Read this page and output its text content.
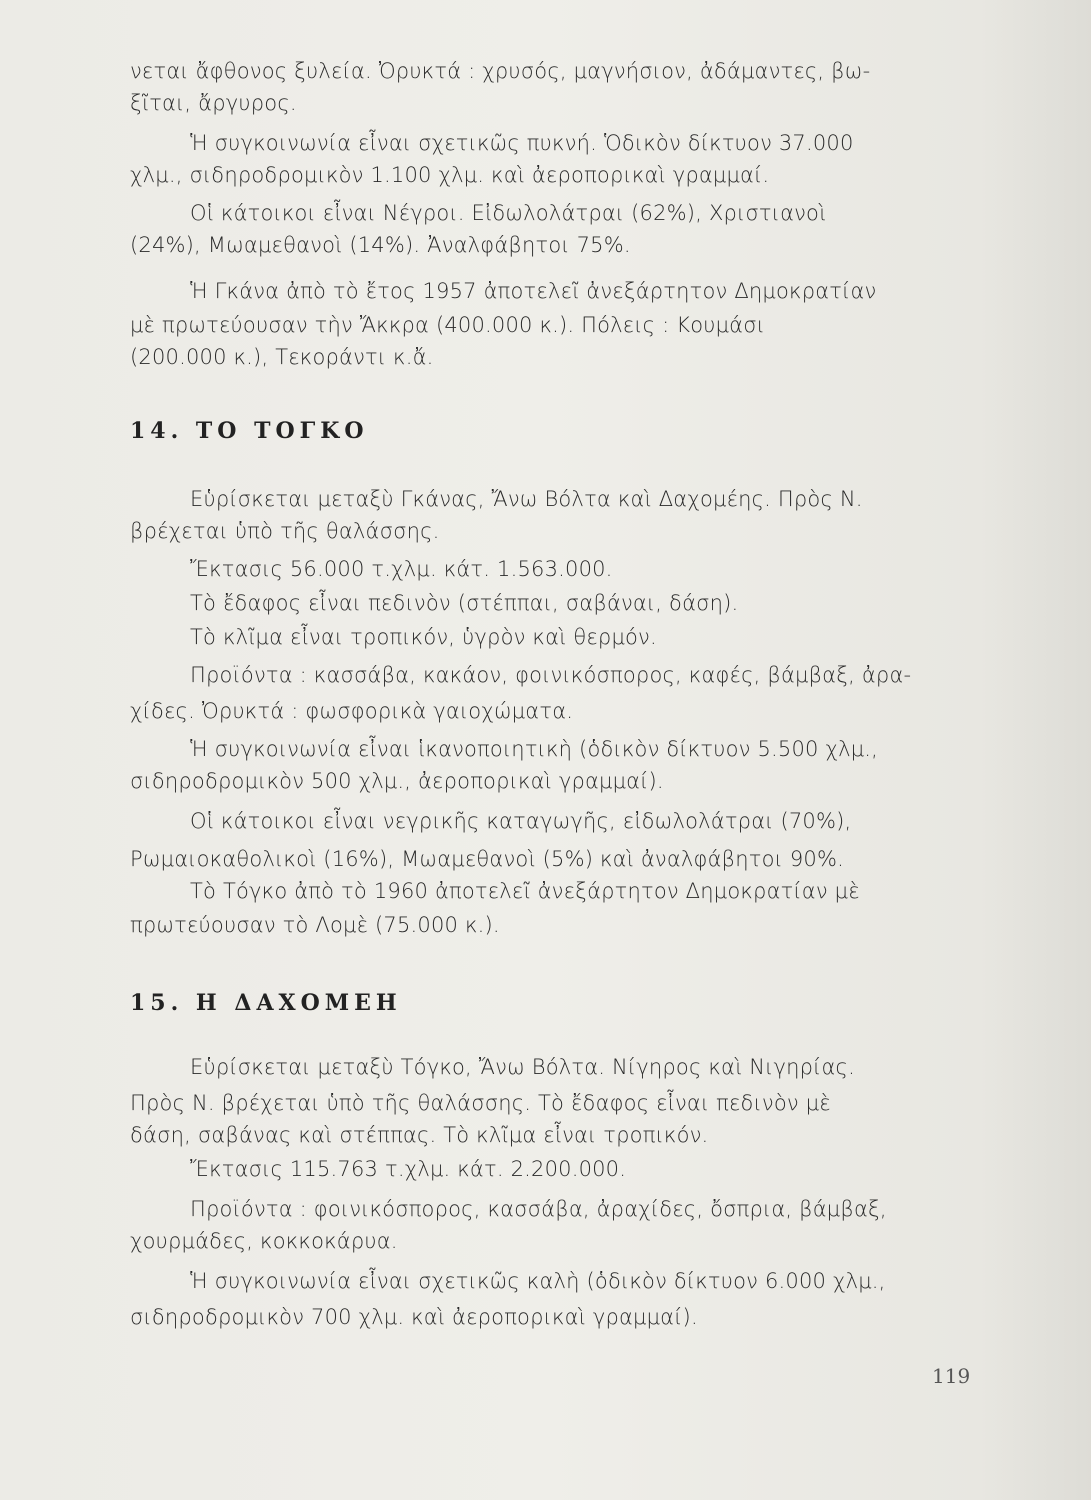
νεται ἄφθονος ξυλεία. Ὀρυκτά : χρυσός, μαγνήσιον, ἀδάμαντες, βω-
ξῖται, ἄργυρος.
Ἡ συγκοινωνία εἶναι σχετικῶς πυκνή. Ὁδικὸν δίκτυον 37.000
χλμ., σιδηροδρομικὸν 1.100 χλμ. καὶ ἀεροπορικαὶ γραμμαί.
Οἱ κάτοικοι εἶναι Νέγροι. Εἰδωλολάτραι (62%), Χριστιανοὶ
(24%), Μωαμεθανοὶ (14%). Ἀναλφάβητοι 75%.
Ἡ Γκάνα ἀπὸ τὸ ἔτος 1957 ἀποτελεῖ ἀνεξάρτητον Δημοκρατίαν
μὲ πρωτεύουσαν τὴν Ἄκκρα (400.000 κ.). Πόλεις : Κουμάσι
(200.000 κ.), Τεκοράντι κ.ἄ.
14. ΤΟ ΤΟΓΚΟ
Εὑρίσκεται μεταξὺ Γκάνας, Ἄνω Βόλτα καὶ Δαχομέης. Πρὸς Ν.
βρέχεται ὑπὸ τῆς θαλάσσης.
Ἔκτασις 56.000 τ.χλμ. κάτ. 1.563.000.
Τὸ ἔδαφος εἶναι πεδινὸν (στέππαι, σαβάναι, δάση).
Τὸ κλῖμα εἶναι τροπικόν, ὑγρὸν καὶ θερμόν.
Προϊόντα : κασσάβα, κακάον, φοινικόσπορος, καφές, βάμβαξ, ἀρα-
χίδες. Ὀρυκτά : φωσφορικὰ γαιοχώματα.
Ἡ συγκοινωνία εἶναι ἱκανοποιητικὴ (ὁδικὸν δίκτυον 5.500 χλμ.,
σιδηροδρομικὸν 500 χλμ., ἀεροπορικαὶ γραμμαί).
Οἱ κάτοικοι εἶναι νεγρικῆς καταγωγῆς, εἰδωλολάτραι (70%),
Ρωμαιοκαθολικοὶ (16%), Μωαμεθανοὶ (5%) καὶ ἀναλφάβητοι 90%.
Τὸ Τόγκο ἀπὸ τὸ 1960 ἀποτελεῖ ἀνεξάρτητον Δημοκρατίαν μὲ
πρωτεύουσαν τὸ Λομὲ (75.000 κ.).
15. Η ΔΑΧΟΜΕΗ
Εὑρίσκεται μεταξὺ Τόγκο, Ἄνω Βόλτα. Νίγηρος καὶ Νιγηρίας.
Πρὸς Ν. βρέχεται ὑπὸ τῆς θαλάσσης. Τὸ ἔδαφος εἶναι πεδινὸν μὲ
δάση, σαβάνας καὶ στέππας. Τὸ κλῖμα εἶναι τροπικόν.
Ἔκτασις 115.763 τ.χλμ. κάτ. 2.200.000.
Προϊόντα : φοινικόσπορος, κασσάβα, ἀραχίδες, ὄσπρια, βάμβαξ,
χουρμάδες, κοκκοκάρυα.
Ἡ συγκοινωνία εἶναι σχετικῶς καλὴ (ὁδικὸν δίκτυον 6.000 χλμ.,
σιδηροδρομικὸν 700 χλμ. καὶ ἀεροπορικαὶ γραμμαί).
119
